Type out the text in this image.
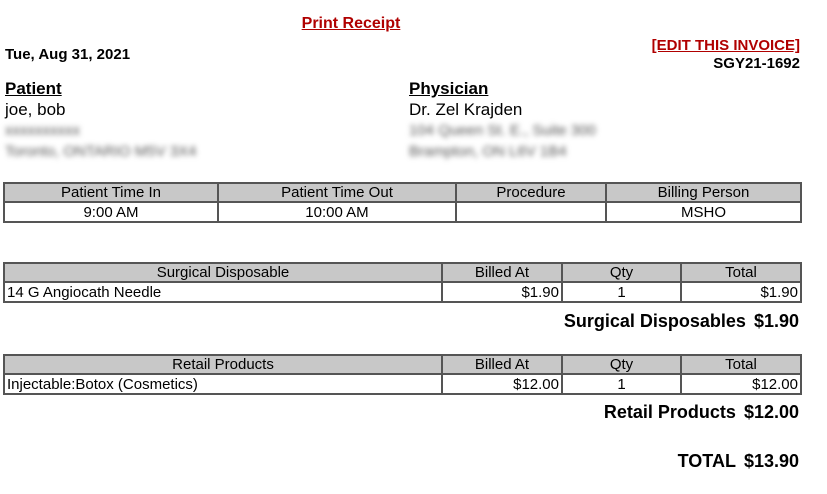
Print Receipt
Tue, Aug 31, 2021
[EDIT THIS INVOICE]
SGY21-1692
Patient
joe, bob
xxxxxxxxxx
Toronto, ONTARIO M5V 3X4
Physician
Dr. Zel Krajden
104 Queen St. E., Suite 300
Brampton, ON L6V 1B4
Patient Time In	Patient Time Out	Procedure	Billing Person
9:00 AM	10:00 AM		MSHO
Surgical Disposable	Billed At	Qty	Total
14 G Angiocath Needle	$1.90	1	$1.90
Surgical Disposables $1.90
Retail Products	Billed At	Qty	Total
Injectable:Botox (Cosmetics)	$12.00	1	$12.00
Retail Products $12.00
TOTAL $13.90
